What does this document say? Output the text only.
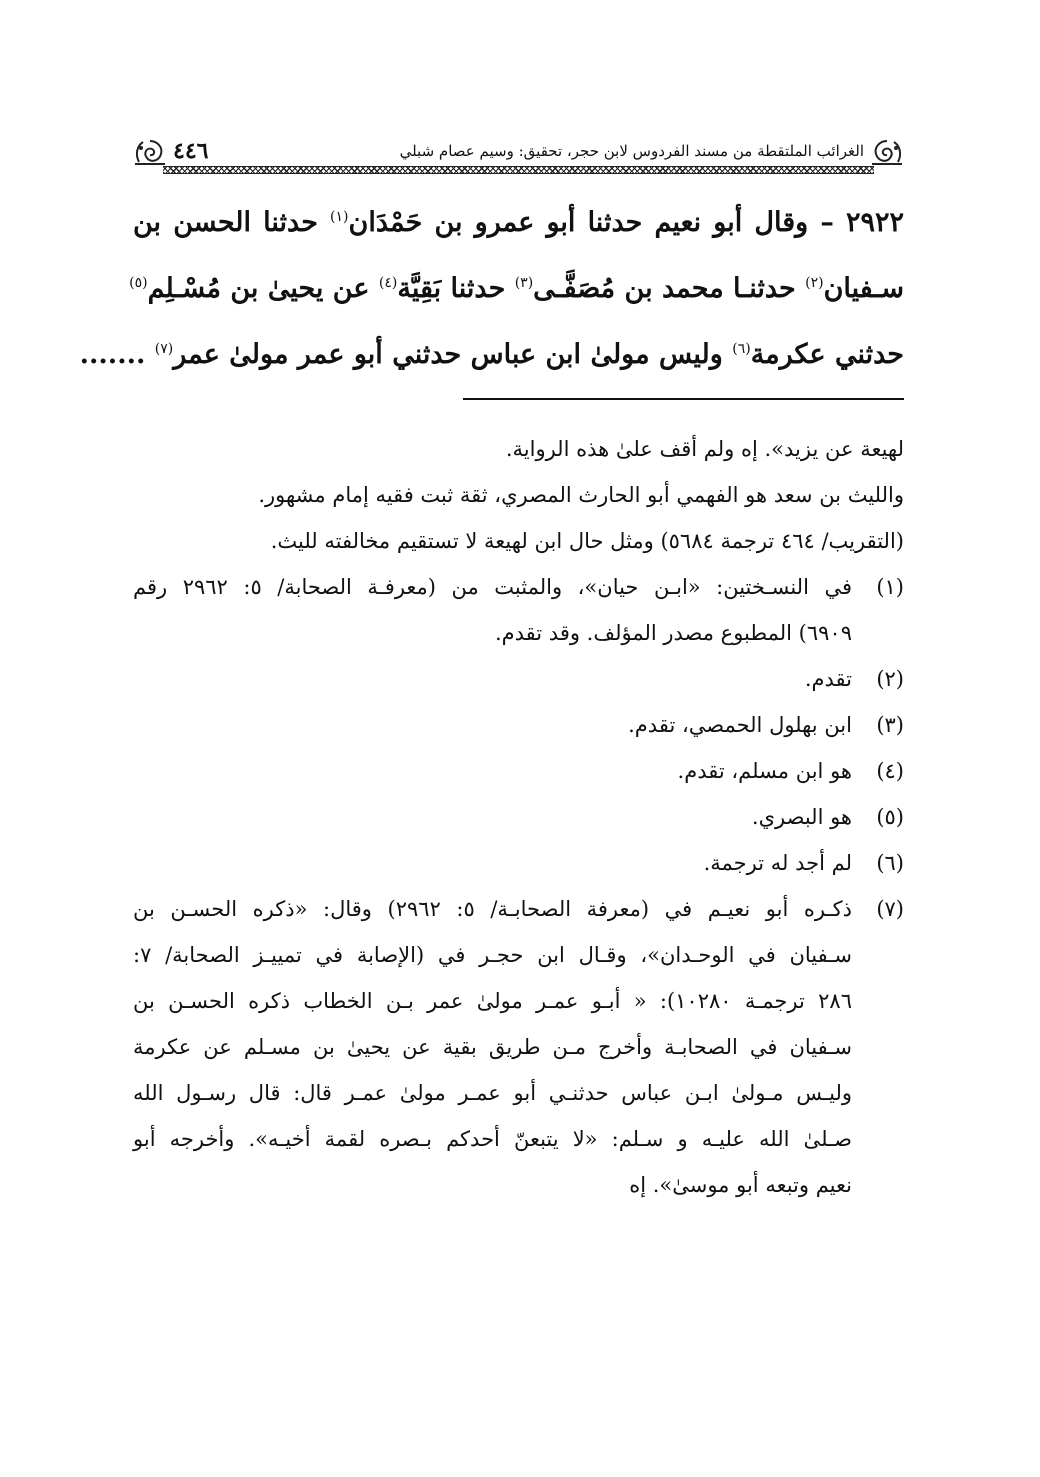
الغرائب الملتقطة من مسند الفردوس لابن حجر، تحقيق: وسيم عصام شبلي
٤٤٦
٢٩٢٢ – وقال أبو نعيم حدثنا أبو عمرو بن حَمْدَان$^{(١)}$ حدثنا الحسن بن
سـفيان$^{(٢)}$ حدثنـا محمد بن مُصَفَّـى$^{(٣)}$ حدثنا بَقِيَّة$^{(٤)}$ عن يحيىٰ بن مُسْـلِم$^{(٥)}$
حدثني عكرمة$^{(٦)}$ وليس مولىٰ ابن عباس حدثني أبو عمر مولىٰ عمر$^{(٧)}$ .......
لهيعة عن يزيد». إه ولم أقف علىٰ هذه الرواية.
والليث بن سعد هو الفهمي أبو الحارث المصري، ثقة ثبت فقيه إمام مشهور.
(التقريب/ ٤٦٤ ترجمة ٥٦٨٤) ومثل حال ابن لهيعة لا تستقيم مخالفته لليث.
(١)
في النسـختين: «ابـن حيان»، والمثبت من (معرفـة الصحابة/ ٥: ٢٩٦٢ رقم
٦٩٠٩) المطبوع مصدر المؤلف. وقد تقدم.
(٢)
تقدم.
(٣)
ابن بهلول الحمصي، تقدم.
(٤)
هو ابن مسلم، تقدم.
(٥)
هو البصري.
(٦)
لم أجد له ترجمة.
(٧)
ذكـره أبو نعيـم في (معرفة الصحابـة/ ٥: ٢٩٦٢) وقال: «ذكره الحسـن بن
سـفيان في الوحـدان»، وقـال ابن حجـر في (الإصابة في تمييـز الصحابة/ ٧:
٢٨٦ ترجمـة ١٠٢٨٠): « أبـو عمـر مولىٰ عمر بـن الخطاب ذكره الحسـن بن
سـفيان في الصحابـة وأخرج مـن طريق بقية عن يحيىٰ بن مسـلم عن عكرمة
وليـس مـولىٰ ابـن عباس حدثنـي أبو عمـر مولىٰ عمـر قال: قال رسـول الله
صـلىٰ الله عليـه و سـلم: «لا يتبعنّ أحدكم بـصره لقمة أخيـه». وأخرجه أبو
نعيم وتبعه أبو موسىٰ». إه
